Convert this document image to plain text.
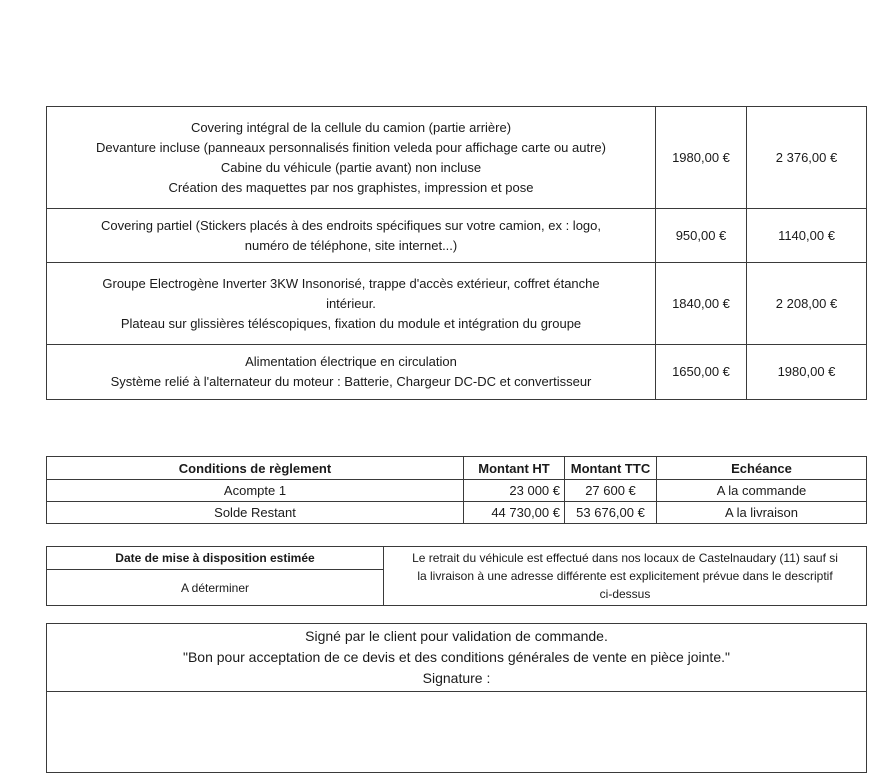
Covering intégral de la cellule du camion (partie arrière)
Devanture incluse (panneaux personnalisés finition veleda pour affichage carte ou autre)
Cabine du véhicule (partie avant) non incluse
Création des maquettes par nos graphistes, impression et pose	1980,00 €	2 376,00 €

Covering partiel (Stickers placés à des endroits spécifiques sur votre camion, ex : logo,
numéro de téléphone, site internet...)	950,00 €	1140,00 €

Groupe Electrogène Inverter 3KW Insonorisé, trappe d'accès extérieur, coffret étanche
intérieur.
Plateau sur glissières téléscopiques, fixation du module et intégration du groupe	1840,00 €	2 208,00 €

Alimentation électrique en circulation
Système relié à l'alternateur du moteur : Batterie, Chargeur DC-DC et convertisseur	1650,00 €	1980,00 €
Conditions de règlement	Montant HT	Montant TTC	Echéance
Acompte 1	23 000 €	27 600 €	A la commande
Solde Restant	44 730,00 €	53 676,00 €	A la livraison
Date de mise à disposition estimée	Le retrait du véhicule est effectué dans nos locaux de Castelnaudary (11) sauf si
la livraison à une adresse différente est explicitement prévue dans le descriptif
ci-dessus

A déterminer
Signé par le client pour validation de commande.
"Bon pour acceptation de ce devis et des conditions générales de vente en pièce jointe."
Signature :
